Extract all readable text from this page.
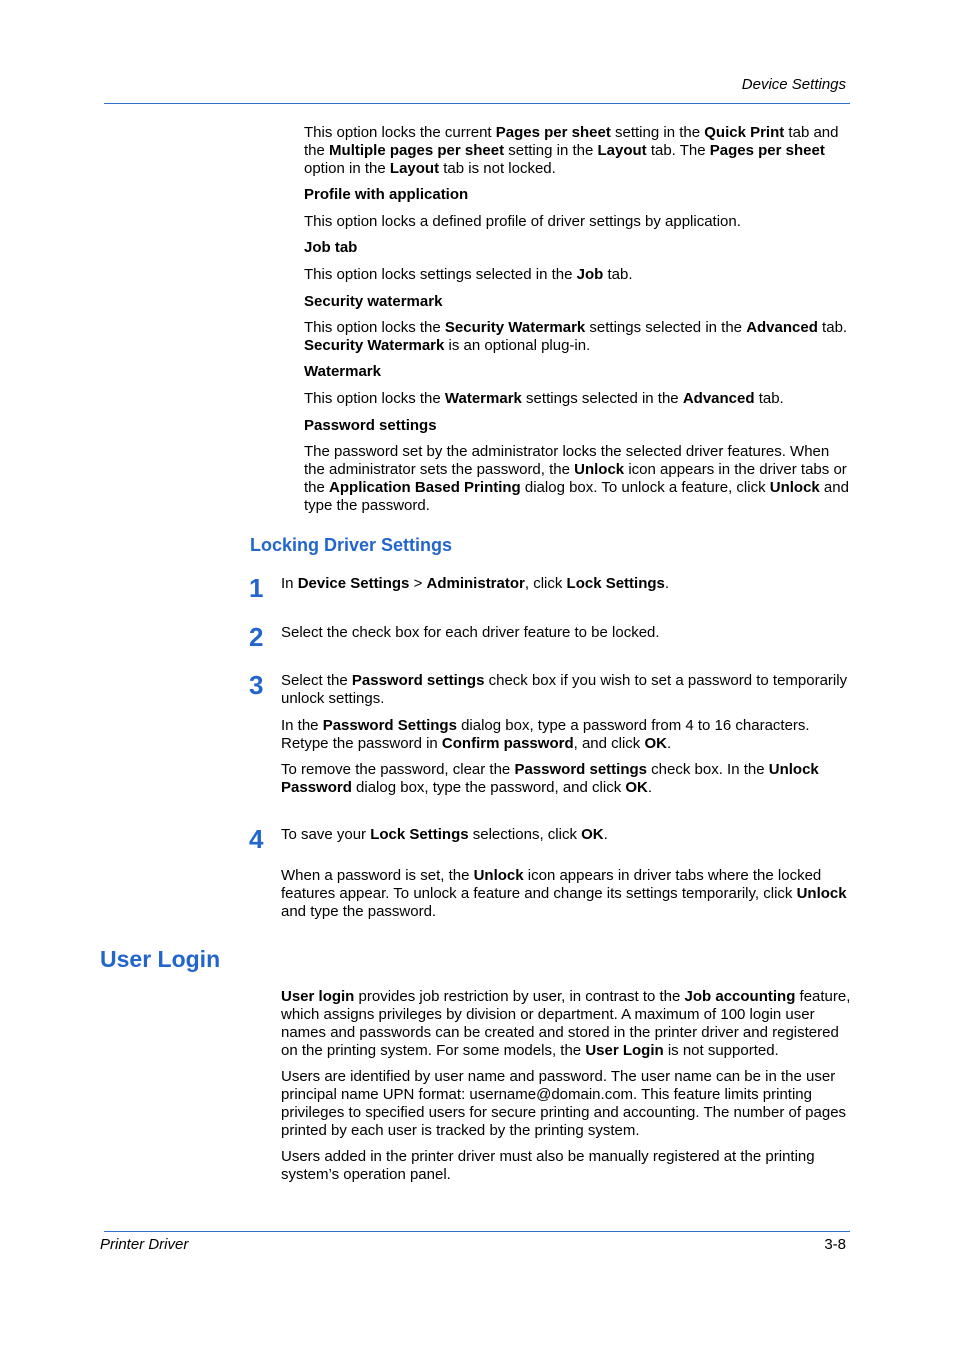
Device Settings

This option locks the current Pages per sheet setting in the Quick Print tab and the Multiple pages per sheet setting in the Layout tab. The Pages per sheet option in the Layout tab is not locked.

Profile with application

This option locks a defined profile of driver settings by application.

Job tab

This option locks settings selected in the Job tab.

Security watermark

This option locks the Security Watermark settings selected in the Advanced tab. Security Watermark is an optional plug-in.

Watermark

This option locks the Watermark settings selected in the Advanced tab.

Password settings

The password set by the administrator locks the selected driver features. When the administrator sets the password, the Unlock icon appears in the driver tabs or the Application Based Printing dialog box. To unlock a feature, click Unlock and type the password.

Locking Driver Settings
1 In Device Settings > Administrator, click Lock Settings.

2 Select the check box for each driver feature to be locked.

3 Select the Password settings check box if you wish to set a password to temporarily unlock settings.

In the Password Settings dialog box, type a password from 4 to 16 characters. Retype the password in Confirm password, and click OK.

To remove the password, clear the Password settings check box. In the Unlock Password dialog box, type the password, and click OK.

4 To save your Lock Settings selections, click OK.

When a password is set, the Unlock icon appears in driver tabs where the locked features appear. To unlock a feature and change its settings temporarily, click Unlock and type the password.

User Login

User login provides job restriction by user, in contrast to the Job accounting feature, which assigns privileges by division or department. A maximum of 100 login user names and passwords can be created and stored in the printer driver and registered on the printing system. For some models, the User Login is not supported.

Users are identified by user name and password. The user name can be in the user principal name UPN format: username@domain.com. This feature limits printing privileges to specified users for secure printing and accounting. The number of pages printed by each user is tracked by the printing system.

Users added in the printer driver must also be manually registered at the printing system’s operation panel.

Printer Driver	3-8
